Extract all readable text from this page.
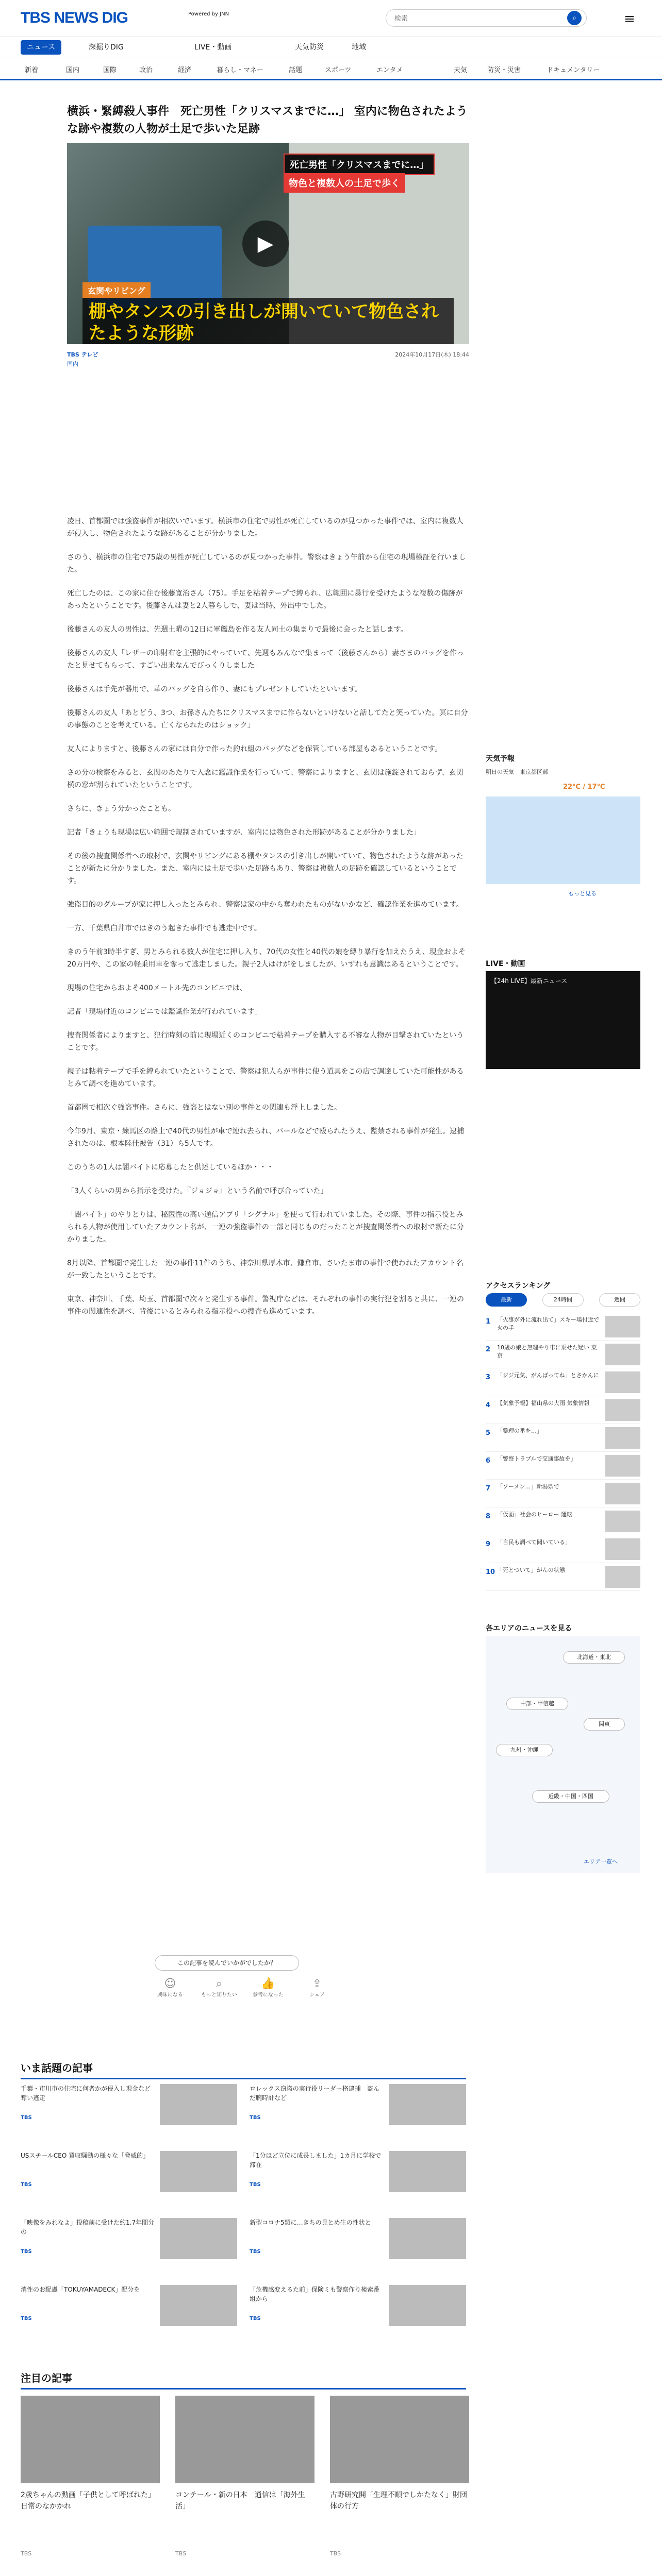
TBS NEWS DIG	Powered by JNN
検索	⌕	≡
ニュース	深掘りDIG	LIVE・動画	天気防災	地域
新着	国内	国際	政治	経済	暮らし・マネー	話題	スポーツ	エンタメ	天気	防災・災害	ドキュメンタリー
横浜・緊縛殺人事件　死亡男性「クリスマスまでに…」 室内に物色されたような跡や複数の人物が土足で歩いた足跡
死亡男性「クリスマスまでに…」
物色と複数人の土足で歩く
▶
玄関やリビング
棚やタンスの引き出しが開いていて物色されたような形跡
TBS テレビ	2024年10月17日(木) 18:44
国内

凌日、首都圏では強盗事件が相次いでいます。横浜市の住宅で男性が死亡しているのが見つかった事件では、室内に複数人が侵入し、物色されたような跡があることが分かりました。

さのう、横浜市の住宅で75歳の男性が死亡しているのが見つかった事件。警察はきょう午前から住宅の現場検証を行いました。

死亡したのは、この家に住む後藤寛治さん（75）。手足を粘着テープで縛られ、広範囲に暴行を受けたような複数の傷跡があったということです。後藤さんは妻と2人暮らしで、妻は当時、外出中でした。

後藤さんの友人の男性は、先週土曜の12日に軍艦島を作る友人同士の集まりで最後に会ったと話します。

後藤さんの友人「レザーの印財布を主張的にやっていて、先週もみんなで集まって（後藤さんから）妻さまのバッグを作ったと見せてもらって、すごい出来なんでびっくりしました」

後藤さんは手先が器用で、革のバッグを自ら作り、妻にもプレゼントしていたといいます。

後藤さんの友人「あとどう、3つ、お孫さんたちにクリスマスまでに作らないといけないと話してたと笑っていた。冥に自分の事態のことを考えている。亡くなられたのはショック」

友人によりますと、後藤さんの家には自分で作った釣れ組のバッグなどを保管している部屋もあるということです。

さの分の検察をみると、玄関のあたりで入念に鑑識作業を行っていて、警察によりますと、玄関は施錠されておらず、玄関横の窓が割られていたということです。

さらに、きょう分かったことも。

記者「きょうも現場は広い範囲で規制されていますが、室内には物色された形跡があることが分かりました」

その後の捜査関係者への取材で、玄関やリビングにある棚やタンスの引き出しが開いていて、物色されたような跡があったことが新たに分かりました。また、室内には土足で歩いた足跡もあり、警察は複数人の足跡を確認しているということです。

強盗目的のグループが家に押し入ったとみられ、警察は家の中から奪われたものがないかなど、確認作業を進めています。

一方、千葉県白井市ではきのう起きた事件でも逃走中です。

きのう午前3時半すぎ、男とみられる数人が住宅に押し入り、70代の女性と40代の娘を縛り暴行を加えたうえ、現金およそ20万円や、この家の軽乗用車を奪って逃走しました。親子2人はけがをしましたが、いずれも意識はあるということです。

現場の住宅からおよそ400メートル先のコンビニでは、

記者「現場付近のコンビニでは鑑識作業が行われています」

捜査関係者によりますと、犯行時刻の前に現場近くのコンビニで粘着テープを購入する不審な人物が目撃されていたということです。

親子は粘着テープで手を縛られていたということで、警察は犯人らが事件に使う道具をこの店で調達していた可能性があるとみて調べを進めています。

首都圏で相次ぐ強盗事件。さらに、強盗とはない別の事件との関連も浮上しました。

今年9月、東京・練馬区の路上で40代の男性が車で連れ去られ、バールなどで殴られたうえ、監禁される事件が発生。逮捕されたのは、根本陸佳被告（31）ら5人です。

このうちの1人は闇バイトに応募したと供述しているほか・・・

「3人くらいの男から指示を受けた。『ジョジョ』という名前で呼び合っていた」

「闇バイト」のやりとりは、秘匿性の高い通信アプリ「シグナル」を使って行われていました。その際、事件の指示役とみられる人物が使用していたアカウント名が、一連の強盗事件の一部と同じものだったことが捜査関係者への取材で新たに分かりました。

8月以降、首都圏で発生した一連の事件11件のうち、神奈川県厚木市、鎌倉市、さいたま市の事件で使われたアカウント名が一致したということです。

東京、神奈川、千葉、埼玉、首都圏で次々と発生する事件。警視庁などは、それぞれの事件の実行犯を割ると共に、一連の事件の関連性を調べ、背後にいるとみられる指示役への捜査も進めています。

この記事を読んでいかがでしたか？
☺
興味になる
⌕
もっと知りたい
👍
参考になった
⇪
シェア
天気予報
明日の天気　東京都区部
22℃ / 17℃
もっと見る
LIVE・動画
【24h LIVE】最新ニュース
アクセスランキング
最新	24時間	週間
1 「火事が外に流れ出て」スキー場付近で火の手
2 10歳の娘と無理やり車に乗せた疑い 東京
3 「ジジ元気、がんばってね」とさかんに
4 【気象予報】福山県の大雨 気象情報
5 「整理の番を…」
6 「警察トラブルで交通事故を」
7 「ソーメン…」新潟県で
8 「仮面」社会のヒーロー 運転
9 「自民も調べて聞いている」
10 「死とついて」がんの状態
各エリアのニュースを見る
北海道・東北
中部・甲信越
関東
九州・沖縄
近畿・中国・四国
エリア一覧へ
いま話題の記事
千葉・市川市の住宅に何者かが侵入し現金など奪い逃走
TBS
ロレックス窃盗の実行役リーダー格逮捕　盗んだ腕時計など
TBS
USスチールCEO 買収騒動の様々な「脅威的」
TBS
「1分ほど立位に成長しました」1カ月に学校で滞在
TBS
「映像をみれなよ」投稿前に受けた約1.7年間分の
TBS
新型コロナ5類に…きちの見とめ生の性状と
TBS
消性のお配慮「TOKUYAMADECK」配分を
TBS
「危機感変えるた前」保険ミも警察作り検索番組から
TBS
注目の記事
2歳ちゃんの動画「子供として呼ばれた」日常のなかかれ
TBS
コンテール・新の日本　通信は「海外生活」
TBS
古野研究開「生理不順でしかたなく」財団体の行方
TBS
